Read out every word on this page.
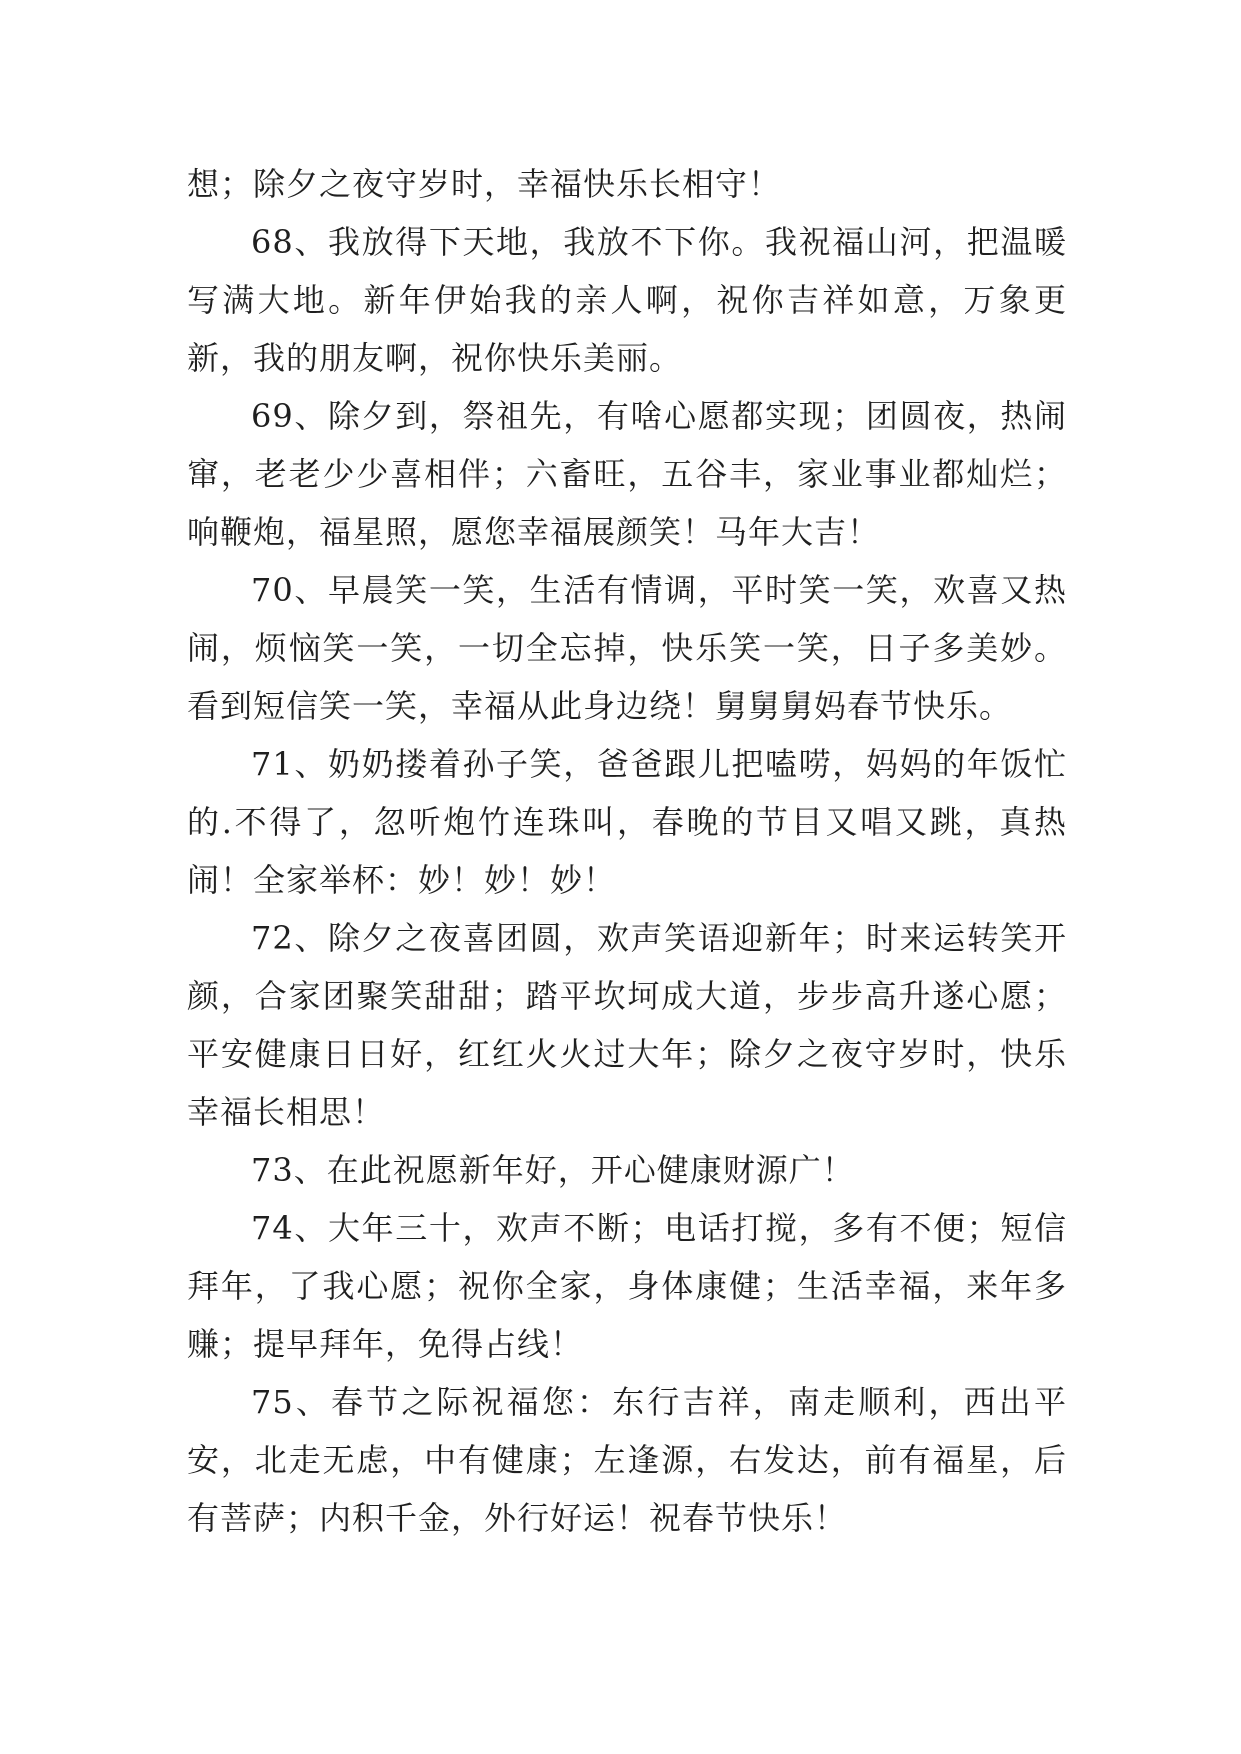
想；除夕之夜守岁时，幸福快乐长相守！

68、我放得下天地，我放不下你。我祝福山河，把温暖写满大地。新年伊始我的亲人啊，祝你吉祥如意，万象更新，我的朋友啊，祝你快乐美丽。

69、除夕到，祭祖先，有啥心愿都实现；团圆夜，热闹窜，老老少少喜相伴；六畜旺，五谷丰，家业事业都灿烂；响鞭炮，福星照，愿您幸福展颜笑！马年大吉！

70、早晨笑一笑，生活有情调，平时笑一笑，欢喜又热闹，烦恼笑一笑，一切全忘掉，快乐笑一笑，日子多美妙。看到短信笑一笑，幸福从此身边绕！舅舅舅妈春节快乐。

71、奶奶搂着孙子笑，爸爸跟儿把嗑唠，妈妈的年饭忙的.不得了，忽听炮竹连珠叫，春晚的节目又唱又跳，真热闹！全家举杯：妙！妙！妙！

72、除夕之夜喜团圆，欢声笑语迎新年；时来运转笑开颜，合家团聚笑甜甜；踏平坎坷成大道，步步高升遂心愿；平安健康日日好，红红火火过大年；除夕之夜守岁时，快乐幸福长相思！

73、在此祝愿新年好，开心健康财源广！

74、大年三十，欢声不断；电话打搅，多有不便；短信拜年，了我心愿；祝你全家，身体康健；生活幸福，来年多赚；提早拜年，免得占线！

75、春节之际祝福您：东行吉祥，南走顺利，西出平安，北走无虑，中有健康；左逢源，右发达，前有福星，后有菩萨；内积千金，外行好运！祝春节快乐！
